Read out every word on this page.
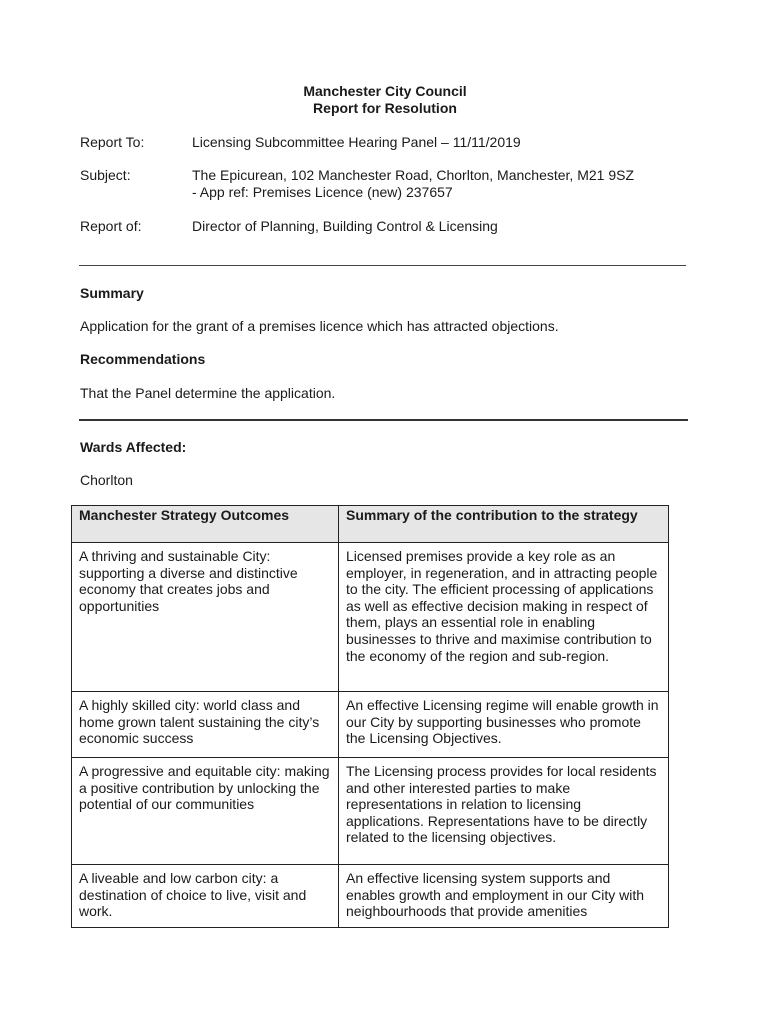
Manchester City Council
Report for Resolution
Report To:	Licensing Subcommittee Hearing Panel – 11/11/2019
Subject:	The Epicurean, 102 Manchester Road, Chorlton, Manchester, M21 9SZ
- App ref: Premises Licence (new) 237657
Report of:	Director of Planning, Building Control & Licensing
Summary
Application for the grant of a premises licence which has attracted objections.
Recommendations
That the Panel determine the application.
Wards Affected:
Chorlton
Manchester Strategy Outcomes	Summary of the contribution to the strategy
A thriving and sustainable City: supporting a diverse and distinctive economy that creates jobs and opportunities	Licensed premises provide a key role as an employer, in regeneration, and in attracting people to the city. The efficient processing of applications as well as effective decision making in respect of them, plays an essential role in enabling businesses to thrive and maximise contribution to the economy of the region and sub-region.
A highly skilled city: world class and home grown talent sustaining the city’s economic success	An effective Licensing regime will enable growth in our City by supporting businesses who promote the Licensing Objectives.
A progressive and equitable city: making a positive contribution by unlocking the potential of our communities	The Licensing process provides for local residents and other interested parties to make representations in relation to licensing applications. Representations have to be directly related to the licensing objectives.
A liveable and low carbon city: a destination of choice to live, visit and work.	An effective licensing system supports and enables growth and employment in our City with neighbourhoods that provide amenities
